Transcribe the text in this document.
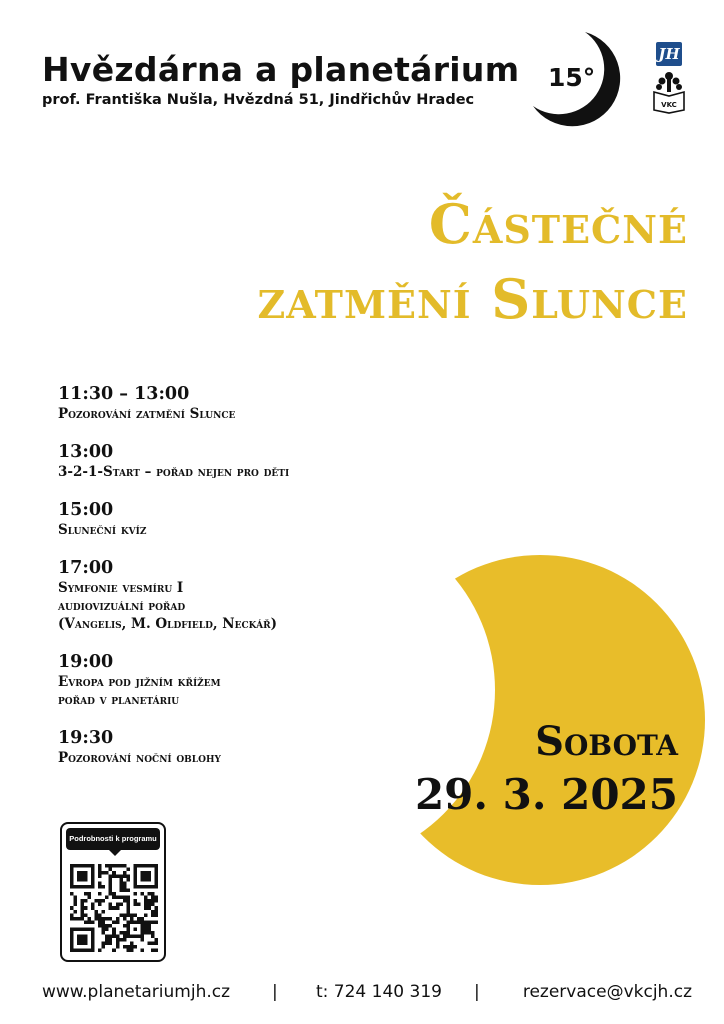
Hvězdárna a planetárium
prof. Františka Nušla, Hvězdná 51, Jindřichův Hradec
15°
JH
VKC
Částečné
zatmění Slunce
11:30 – 13:00
Pozorování zatmění Slunce
13:00
3-2-1-Start – pořad nejen pro děti
15:00
Sluneční kvíz
17:00
Symfonie vesmíru I
audiovizuální pořad
(Vangelis, M. Oldfield, Neckář)
19:00
Evropa pod jižním křížem
pořad v planetáriu
19:30
Pozorování noční oblohy	Sobota
29. 3. 2025
Podrobnosti k programu
www.planetariumjh.cz | t: 724 140 319 |	rezervace@vkcjh.cz
